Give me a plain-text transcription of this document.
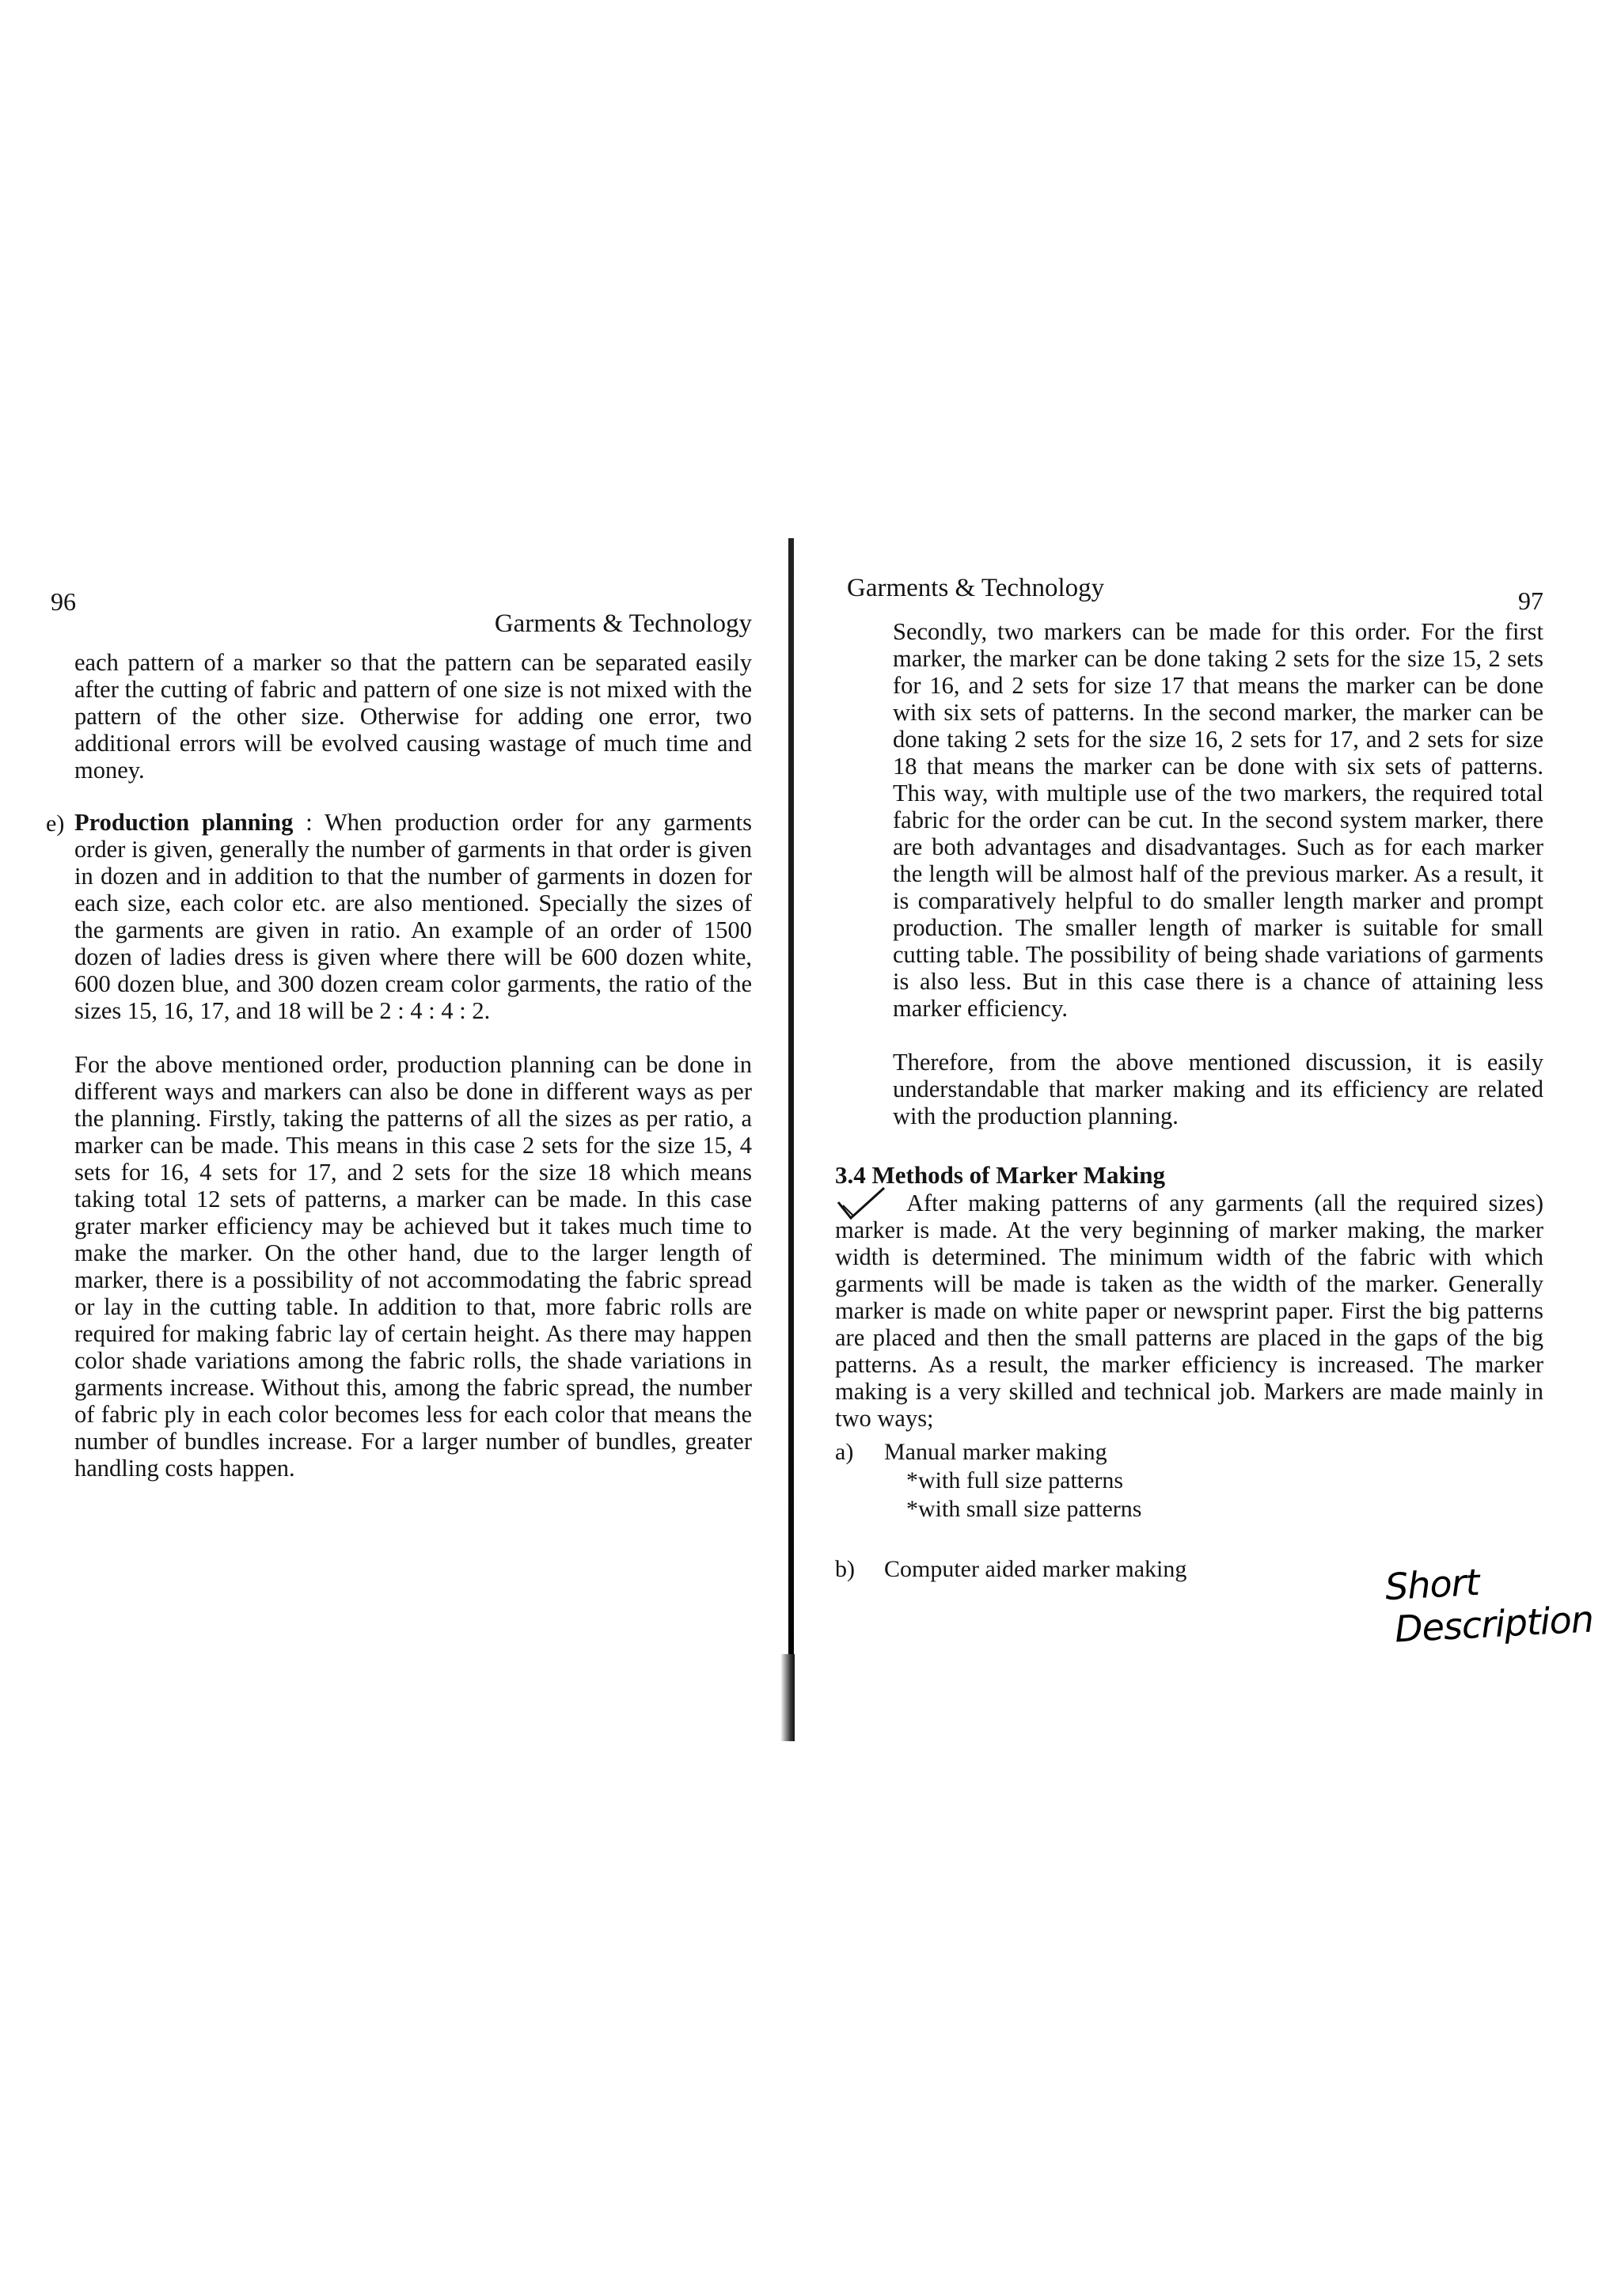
96
Garments & Technology

each pattern of a marker so that the pattern can be separated easily after the cutting of fabric and pattern of one size is not mixed with the pattern of the other size. Otherwise for adding one error, two additional errors will be evolved causing wastage of much time and money.

e) Production planning : When production order for any garments order is given, generally the number of garments in that order is given in dozen and in addition to that the number of garments in dozen for each size, each color etc. are also mentioned. Specially the sizes of the garments are given in ratio. An example of an order of 1500 dozen of ladies dress is given where there will be 600 dozen white, 600 dozen blue, and 300 dozen cream color garments, the ratio of the sizes 15, 16, 17, and 18 will be 2 : 4 : 4 : 2.

For the above mentioned order, production planning can be done in different ways and markers can also be done in different ways as per the planning. Firstly, taking the patterns of all the sizes as per ratio, a marker can be made. This means in this case 2 sets for the size 15, 4 sets for 16, 4 sets for 17, and 2 sets for the size 18 which means taking total 12 sets of patterns, a marker can be made. In this case grater marker efficiency may be achieved but it takes much time to make the marker. On the other hand, due to the larger length of marker, there is a possibility of not accommodating the fabric spread or lay in the cutting table. In addition to that, more fabric rolls are required for making fabric lay of certain height. As there may happen color shade variations among the fabric rolls, the shade variations in garments increase. Without this, among the fabric spread, the number of fabric ply in each color becomes less for each color that means the number of bundles increase. For a larger number of bundles, greater handling costs happen.

Garments & Technology	97

Secondly, two markers can be made for this order. For the first marker, the marker can be done taking 2 sets for the size 15, 2 sets for 16, and 2 sets for size 17 that means the marker can be done with six sets of patterns. In the second marker, the marker can be done taking 2 sets for the size 16, 2 sets for 17, and 2 sets for size 18 that means the marker can be done with six sets of patterns. This way, with multiple use of the two markers, the required total fabric for the order can be cut. In the second system marker, there are both advantages and disadvantages. Such as for each marker the length will be almost half of the previous marker. As a result, it is comparatively helpful to do smaller length marker and prompt production. The smaller length of marker is suitable for small cutting table. The possibility of being shade variations of garments is also less. But in this case there is a chance of attaining less marker efficiency.

Therefore, from the above mentioned discussion, it is easily understandable that marker making and its efficiency are related with the production planning.

3.4 Methods of Marker Making

After making patterns of any garments (all the required sizes) marker is made. At the very beginning of marker making, the marker width is determined. The minimum width of the fabric with which garments will be made is taken as the width of the marker. Generally marker is made on white paper or newsprint paper. First the big patterns are placed and then the small patterns are placed in the gaps of the big patterns. As a result, the marker efficiency is increased. The marker making is a very skilled and technical job. Markers are made mainly in two ways;

a) Manual marker making
*with full size patterns
*with small size patterns
b) Computer aided marker making	Short
Description
